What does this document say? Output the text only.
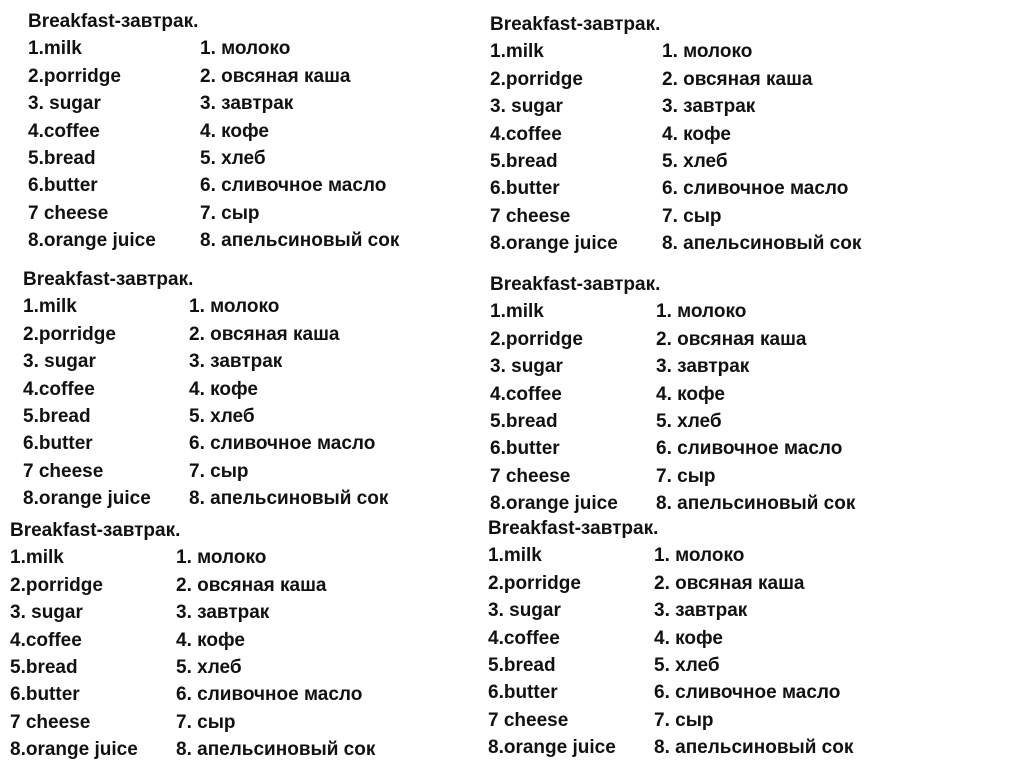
Breakfast-завтрак.
1.milk	1. молоко
2.porridge	2. овсяная каша
3. sugar	3. завтрак
4.coffee	4. кофе
5.bread	5. хлеб
6.butter	6. сливочное масло
7 cheese	7. сыр
8.orange juice 8. апельсиновый сок
Breakfast-завтрак.
1.milk	1. молоко
2.porridge	2. овсяная каша
3. sugar	3. завтрак
4.coffee	4. кофе
5.bread	5. хлеб
6.butter	6. сливочное масло
7 cheese	7. сыр
8.orange juice 8. апельсиновый сок
Breakfast-завтрак.
1.milk	1. молоко
2.porridge	2. овсяная каша
3. sugar	3. завтрак
4.coffee	4. кофе
5.bread	5. хлеб
6.butter	6. сливочное масло
7 cheese	7. сыр
8.orange juice 8. апельсиновый сок
Breakfast-завтрак.
1.milk	1. молоко
2.porridge	2. овсяная каша
3. sugar	3. завтрак
4.coffee	4. кофе
5.bread	5. хлеб
6.butter	6. сливочное масло
7 cheese	7. сыр
8.orange juice 8. апельсиновый сок
Breakfast-завтрак.
1.milk	1. молоко
2.porridge	2. овсяная каша
3. sugar	3. завтрак
4.coffee	4. кофе
5.bread	5. хлеб
6.butter	6. сливочное масло
7 cheese	7. сыр
8.orange juice 8. апельсиновый сок
Breakfast-завтрак.
1.milk	1. молоко
2.porridge	2. овсяная каша
3. sugar	3. завтрак
4.coffee	4. кофе
5.bread	5. хлеб
6.butter	6. сливочное масло
7 cheese	7. сыр
8.orange juice 8. апельсиновый сок
